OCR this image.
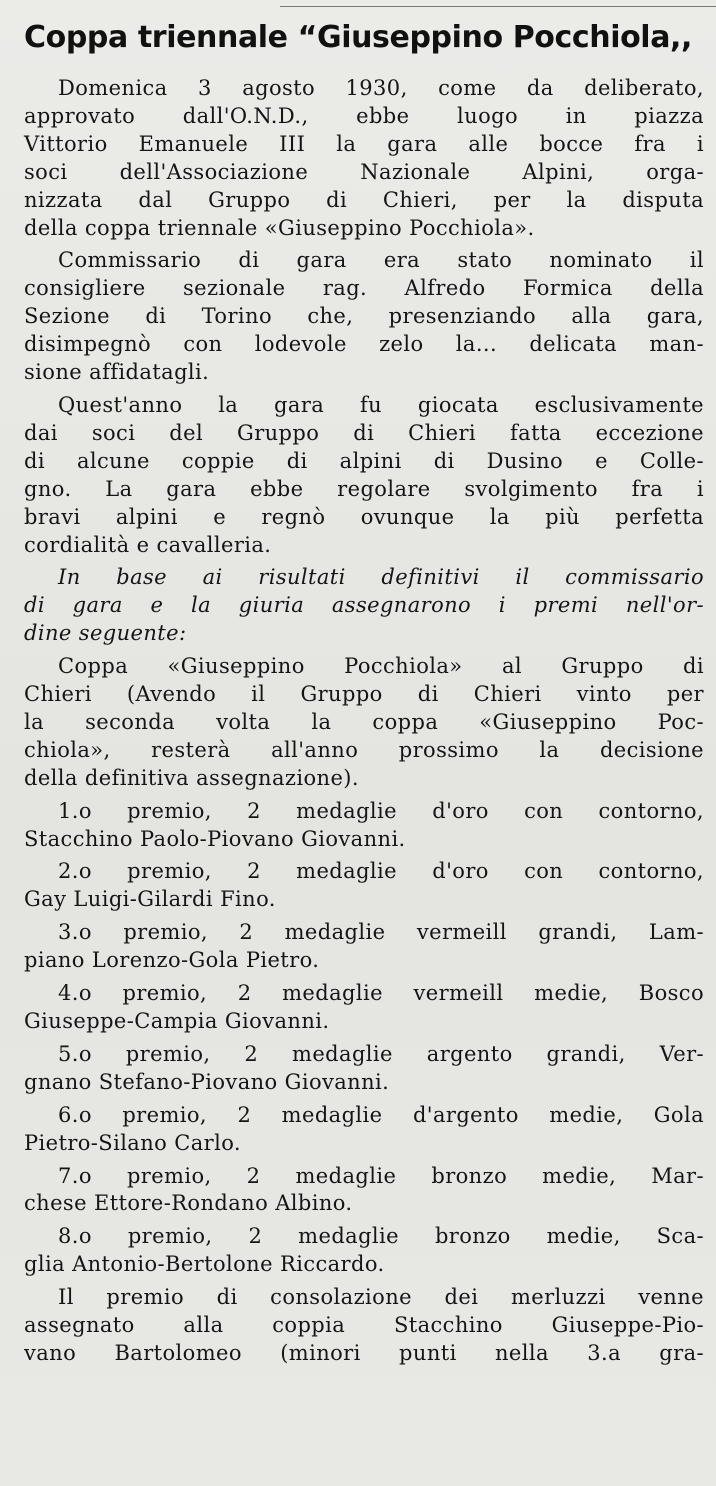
Coppa triennale “Giuseppino Pocchiola,,

Domenica 3 agosto 1930, come da deliberato,
approvato dall'O.N.D., ebbe luogo in piazza
Vittorio Emanuele III la gara alle bocce fra i
soci dell'Associazione Nazionale Alpini, orga-
nizzata dal Gruppo di Chieri, per la disputa
della coppa triennale «Giuseppino Pocchiola».

Commissario di gara era stato nominato il
consigliere sezionale rag. Alfredo Formica della
Sezione di Torino che, presenziando alla gara,
disimpegnò con lodevole zelo la... delicata man-
sione affidatagli.

Quest'anno la gara fu giocata esclusivamente
dai soci del Gruppo di Chieri fatta eccezione
di alcune coppie di alpini di Dusino e Colle-
gno. La gara ebbe regolare svolgimento fra i
bravi alpini e regnò ovunque la più perfetta
cordialità e cavalleria.

In base ai risultati definitivi il commissario
di gara e la giuria assegnarono i premi nell'or-
dine seguente:

Coppa «Giuseppino Pocchiola» al Gruppo di
Chieri (Avendo il Gruppo di Chieri vinto per
la seconda volta la coppa «Giuseppino Poc-
chiola», resterà all'anno prossimo la decisione
della definitiva assegnazione).

1.o premio, 2 medaglie d'oro con contorno,
Stacchino Paolo-Piovano Giovanni.

2.o premio, 2 medaglie d'oro con contorno,
Gay Luigi-Gilardi Fino.

3.o premio, 2 medaglie vermeill grandi, Lam-
piano Lorenzo-Gola Pietro.

4.o premio, 2 medaglie vermeill medie, Bosco
Giuseppe-Campia Giovanni.

5.o premio, 2 medaglie argento grandi, Ver-
gnano Stefano-Piovano Giovanni.

6.o premio, 2 medaglie d'argento medie, Gola
Pietro-Silano Carlo.

7.o premio, 2 medaglie bronzo medie, Mar-
chese Ettore-Rondano Albino.

8.o premio, 2 medaglie bronzo medie, Sca-
glia Antonio-Bertolone Riccardo.

Il premio di consolazione dei merluzzi venne
assegnato alla coppia Stacchino Giuseppe-Pio-
vano Bartolomeo (minori punti nella 3.a gra-
